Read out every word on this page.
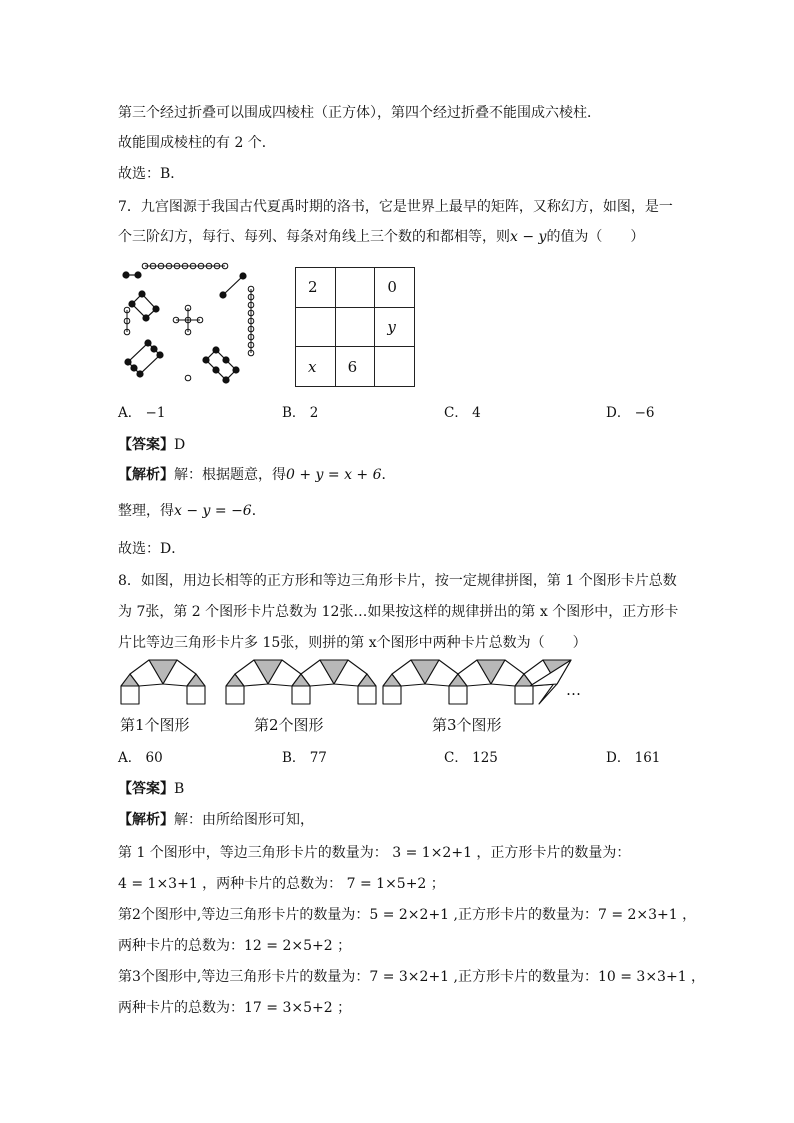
第三个经过折叠可以围成四棱柱（正方体），第四个经过折叠不能围成六棱柱．
故能围成棱柱的有 2 个．
故选：B．
7．九宫图源于我国古代夏禹时期的洛书，它是世界上最早的矩阵，又称幻方，如图，是一
个三阶幻方，每行、每列、每条对角线上三个数的和都相等，则x − y的值为（　　）
2		0

		y

x	6	

A． −1	B． 2	C． 4	D． −6
【答案】D
【解析】解：根据题意，得0 + y = x + 6．
整理，得x − y = −6．
故选：D．
8．如图，用边长相等的正方形和等边三角形卡片，按一定规律拼图，第 1 个图形卡片总数
为 7张，第 2 个图形卡片总数为 12张…如果按这样的规律拼出的第 x 个图形中，正方形卡
片比等边三角形卡片多 15张，则拼的第 x个图形中两种卡片总数为（　　）
…
第1个图形	第2个图形	第3个图形
A． 60	B． 77	C． 125	D． 161
【答案】B
【解析】解：由所给图形可知，
第 1 个图形中，等边三角形卡片的数量为： 3 = 1×2+1 ，正方形卡片的数量为：
4 = 1×3+1 ，两种卡片的总数为： 7 = 1×5+2 ；
第2个图形中,等边三角形卡片的数量为：5 = 2×2+1 ,正方形卡片的数量为：7 = 2×3+1 ，
两种卡片的总数为：12 = 2×5+2 ；
第3个图形中,等边三角形卡片的数量为：7 = 3×2+1 ,正方形卡片的数量为：10 = 3×3+1 ，
两种卡片的总数为：17 = 3×5+2 ；
